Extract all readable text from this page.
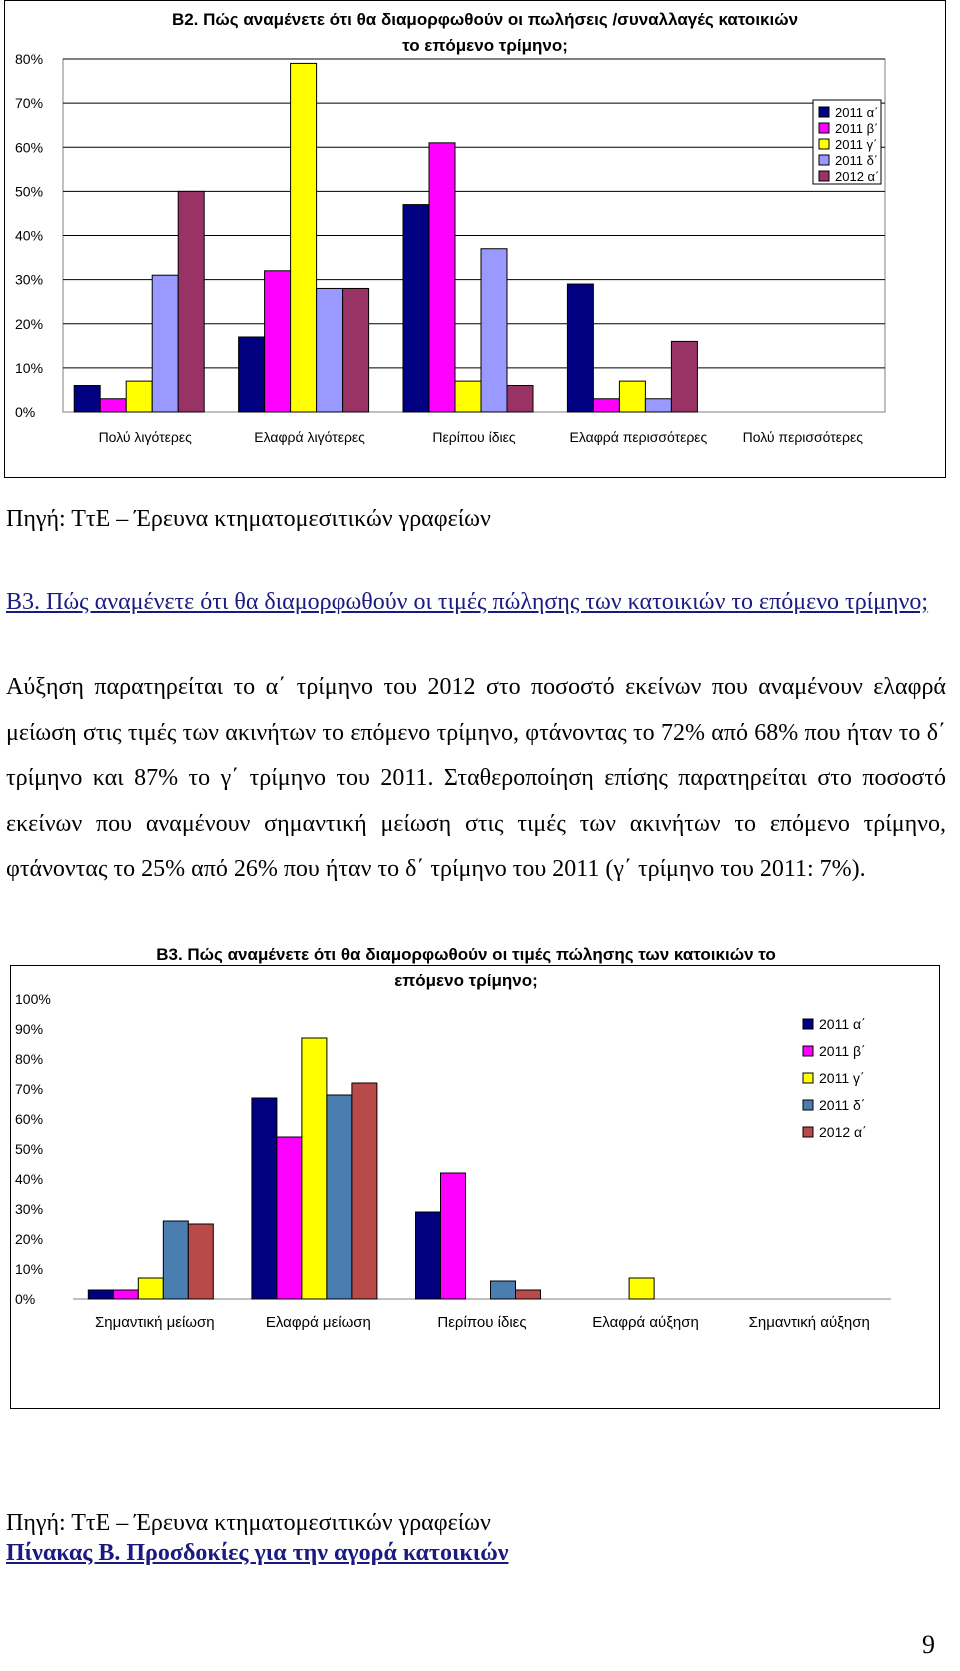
B2. Πώς αναμένετε ότι θα διαμορφωθούν οι πωλήσεις /συναλλαγές κατοικιών
το επόμενο τρίμηνο;
0%
10%
20%
30%
40%
50%
60%
70%
80%
Πολύ λιγότερες	Ελαφρά λιγότερες	Περίπου ίδιες	Ελαφρά περισσότερες	Πολύ περισσότερες
2011 α΄
2011 β΄
2011 γ΄
2011 δ΄
2012 α΄
Πηγή: ΤτΕ – Έρευνα κτηματομεσιτικών γραφείων
B3. Πώς αναμένετε ότι θα διαμορφωθούν οι τιμές πώλησης των κατοικιών το επόμενο τρίμηνο;
Αύξηση παρατηρείται το α΄ τρίμηνο του 2012 στο ποσοστό εκείνων που αναμένουν ελαφρά μείωση στις τιμές των ακινήτων το επόμενο τρίμηνο, φτάνοντας το 72% από 68% που ήταν το δ΄ τρίμηνο και 87% το γ΄ τρίμηνο του 2011. Σταθεροποίηση επίσης παρατηρείται στο ποσοστό εκείνων που αναμένουν σημαντική μείωση στις τιμές των ακινήτων το επόμενο τρίμηνο, φτάνοντας το 25% από 26% που ήταν το δ΄ τρίμηνο του 2011 (γ΄ τρίμηνο του 2011: 7%).
B3. Πώς αναμένετε ότι θα διαμορφωθούν οι τιμές πώλησης των κατοικιών το
επόμενο τρίμηνο;
0%
10%
20%
30%
40%
50%
60%
70%
80%
90%
100%
Σημαντική μείωση	Ελαφρά μείωση	Περίπου ίδιες	Ελαφρά αύξηση	Σημαντική αύξηση
2011 α΄
2011 β΄
2011 γ΄
2011 δ΄
2012 α΄
Πηγή: ΤτΕ – Έρευνα κτηματομεσιτικών γραφείων
Πίνακας Β. Προσδοκίες για την αγορά κατοικιών
9
